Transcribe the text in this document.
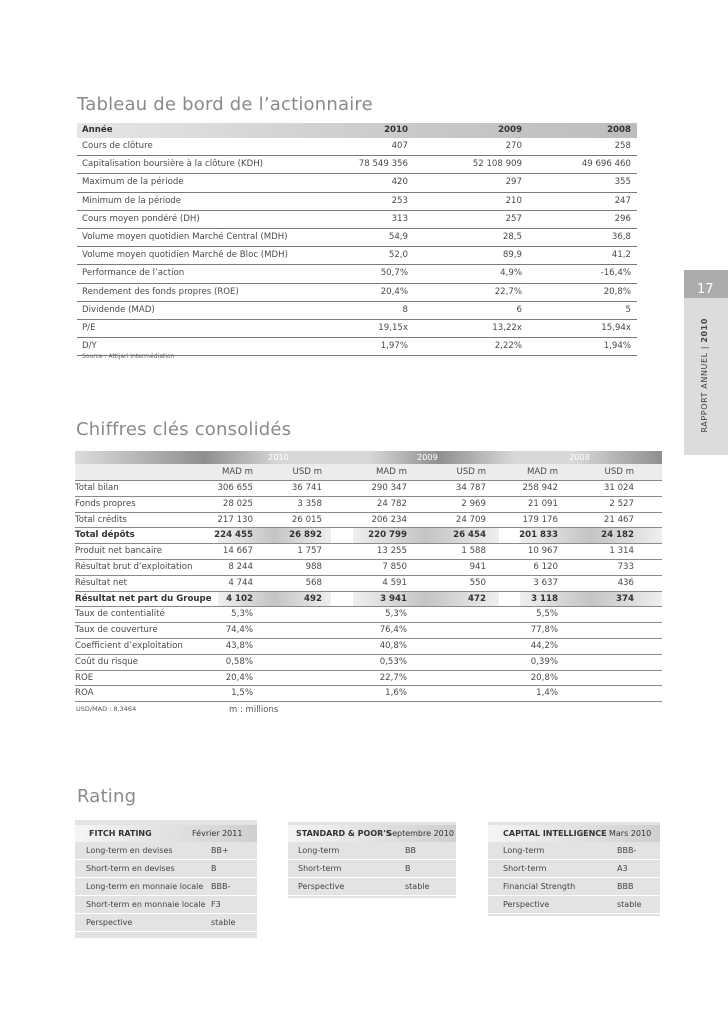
Tableau de bord de l’actionnaire
Année	2010	2009	2008
Cours de clôture	407	270	258
Capitalisation boursière à la clôture (KDH)	78 549 356	52 108 909	49 696 460
Maximum de la période	420	297	355
Minimum de la période	253	210	247
Cours moyen pondéré (DH)	313	257	296
Volume moyen quotidien Marché Central (MDH)	54,9	28,5	36,8
Volume moyen quotidien Marché de Bloc (MDH)	52,0	89,9	41,2
Performance de l’action	50,7%	4,9%	-16,4%
Rendement des fonds propres (ROE)	20,4%	22,7%	20,8%
Dividende (MAD)	8	6	5
P/E	19,15x	13,22x	15,94x
D/Y	1,97%	2,22%	1,94%
Source : Attijari Intermédiation
Chiffres clés consolidés
2010	2009	2008
MAD m	USD m	MAD m	USD m	MAD m	USD m
Total bilan	306 655	36 741	290 347	34 787	258 942	31 024
Fonds propres	28 025	3 358	24 782	2 969	21 091	2 527
Total crédits	217 130	26 015	206 234	24 709	179 176	21 467
Total dépôts	224 455	26 892	220 799	26 454	201 833	24 182
Produit net bancaire	14 667	1 757	13 255	1 588	10 967	1 314
Résultat brut d’exploitation	8 244	988	7 850	941	6 120	733
Résultat net	4 744	568	4 591	550	3 637	436
Résultat net part du Groupe 4 102	492	3 941	472	3 118	374
Taux de contentialité	5,3%	5,3%	5,5%
Taux de couverture	74,4%	76,4%	77,8%
Coefficient d’exploitation	43,8%	40,8%	44,2%
Coût du risque	0,58%	0,53%	0,39%
ROE	20,4%	22,7%	20,8%
ROA	1,5%	1,6%	1,4%
USD/MAD : 8,3464	m : millions
Rating
FITCH RATING	Février 2011
Long-term en devises	BB+
Short-term en devises	B
Long-term en monnaie locale BBB-
Short-term en monnaie locale F3
Perspective	stable
STANDARD & POOR'S
Septembre 2010
Long-term	BB
Short-term	B
Perspective	stable
CAPITAL INTELLIGENCE Mars 2010
Long-term	BBB-
Short-term	A3
Financial Strength	BBB
Perspective	stable
17
RAPPORT ANNUEL | 2010
